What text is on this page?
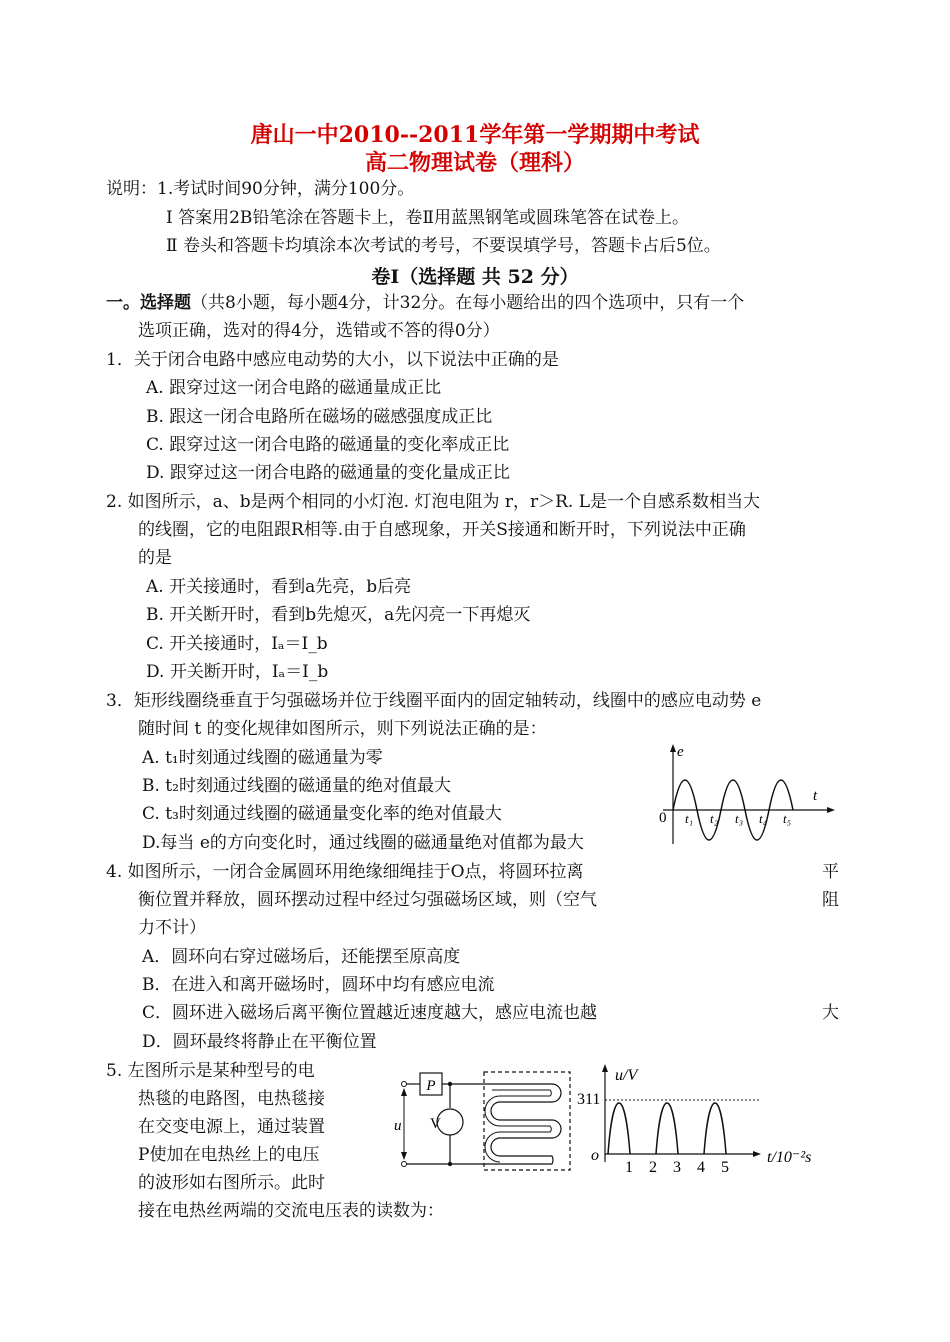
唐山一中2010--2011学年第一学期期中考试
高二物理试卷（理科）
说明：1.考试时间90分钟，满分100分。
Ⅰ 答案用2B铅笔涂在答题卡上，卷Ⅱ用蓝黑钢笔或圆珠笔答在试卷上。
Ⅱ 卷头和答题卡均填涂本次考试的考号，不要误填学号，答题卡占后5位。
卷Ⅰ（选择题 共 52 分）
一。选择题（共8小题，每小题4分，计32分。在每小题给出的四个选项中，只有一个
选项正确，选对的得4分，选错或不答的得0分）
1．关于闭合电路中感应电动势的大小，以下说法中正确的是
A. 跟穿过这一闭合电路的磁通量成正比
B. 跟这一闭合电路所在磁场的磁感强度成正比
C. 跟穿过这一闭合电路的磁通量的变化率成正比
D. 跟穿过这一闭合电路的磁通量的变化量成正比
2. 如图所示，a、b是两个相同的小灯泡. 灯泡电阻为 r，r＞R. L是一个自感系数相当大
的线圈，它的电阻跟R相等.由于自感现象，开关S接通和断开时，下列说法中正确
的是
A. 开关接通时，看到a先亮，b后亮
B. 开关断开时，看到b先熄灭，a先闪亮一下再熄灭
C. 开关接通时，Iₐ＝I_b
D. 开关断开时，Iₐ＝I_b
3．矩形线圈绕垂直于匀强磁场并位于线圈平面内的固定轴转动，线圈中的感应电动势 e
随时间 t 的变化规律如图所示，则下列说法正确的是：
A. t₁时刻通过线圈的磁通量为零
B. t₂时刻通过线圈的磁通量的绝对值最大
C. t₃时刻通过线圈的磁通量变化率的绝对值最大
D.每当 e的方向变化时，通过线圈的磁通量绝对值都为最大
e
t
0 t₁ t₂ t₃ t₄ t₅
4. 如图所示，一闭合金属圆环用绝缘细绳挂于O点，将圆环拉离	平
衡位置并释放，圆环摆动过程中经过匀强磁场区域，则（空气	阻
力不计）
A．圆环向右穿过磁场后，还能摆至原高度
B．在进入和离开磁场时，圆环中均有感应电流
C．圆环进入磁场后离平衡位置越近速度越大，感应电流也越	大
D．圆环最终将静止在平衡位置
5. 左图所示是某种型号的电
热毯的电路图，电热毯接
在交变电源上，通过装置
P使加在电热丝上的电压
的波形如右图所示。此时
接在电热丝两端的交流电压表的读数为：
P
u V
u/V
311
o
1 2 3 4 5
t/10⁻²s
